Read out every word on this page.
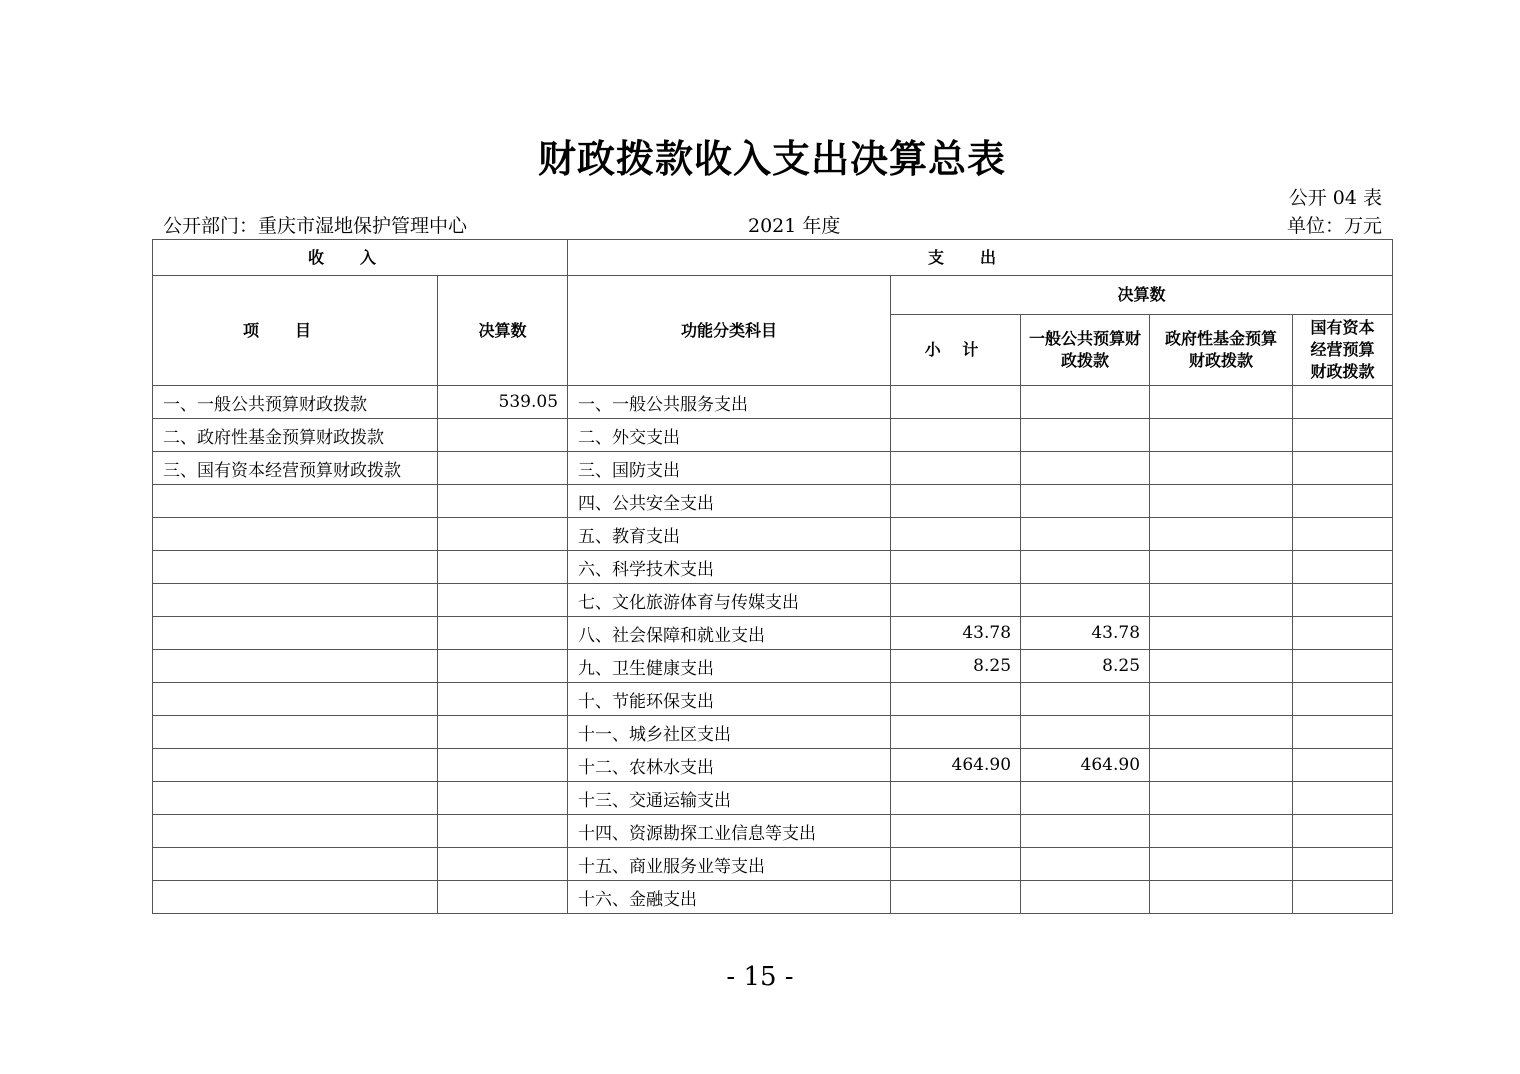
财政拨款收入支出决算总表
公开 04 表
公开部门：重庆市湿地保护管理中心	2021 年度	单位：万元
收入		支出				
项目	决算数	功能分类科目	决算数			
			小 计	一般公共预算财政拨款	政府性基金预算财政拨款	国有资本经营预算财政拨款
一、一般公共预算财政拨款	539.05	一、一般公共服务支出				
二、政府性基金预算财政拨款		二、外交支出				
三、国有资本经营预算财政拨款		三、国防支出				
		四、公共安全支出				
		五、教育支出				
		六、科学技术支出				
		七、文化旅游体育与传媒支出				
		八、社会保障和就业支出	43.78	43.78		
		九、卫生健康支出	8.25	8.25		
		十、节能环保支出				
		十一、城乡社区支出				
		十二、农林水支出	464.90	464.90		
		十三、交通运输支出				
		十四、资源勘探工业信息等支出				
		十五、商业服务业等支出				
		十六、金融支出				
- 15 -
